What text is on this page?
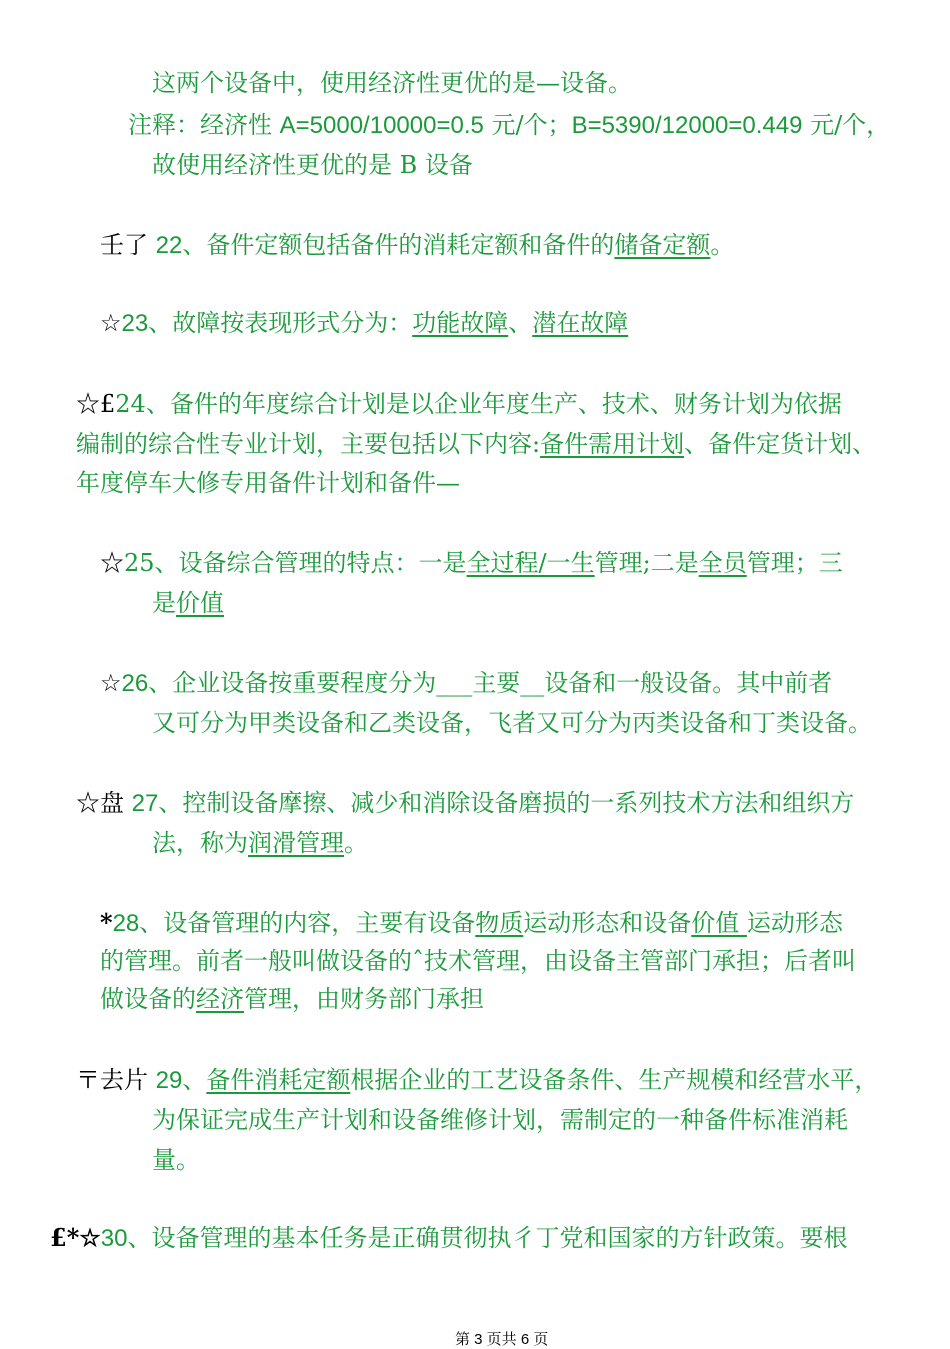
这两个设备中，使用经济性更优的是—设备。
注释：经济性 A=5000/10000=0.5 元/个；B=5390/12000=0.449 元/个，
故使用经济性更优的是 B 设备
壬了 22、备件定额包括备件的消耗定额和备件的储备定额。
☆23、故障按表现形式分为：功能故障、潜在故障
☆£24、备件的年度综合计划是以企业年度生产、技术、财务计划为依据
编制的综合性专业计划，主要包括以下内容:备件需用计划、备件定货计划、
年度停车大修专用备件计划和备件—
☆25、设备综合管理的特点：一是全过程/一生管理;二是全员管理；三
是价值
☆26、企业设备按重要程度分为___主要__设备和一般设备。其中前者
又可分为甲类设备和乙类设备，飞者又可分为丙类设备和丁类设备。
☆盘 27、控制设备摩擦、减少和消除设备磨损的一系列技术方法和组织方
法，称为润滑管理。
*28、设备管理的内容，主要有设备物质运动形态和设备价值 运动形态
的管理。前者一般叫做设备的ˆ技术管理，由设备主管部门承担；后者叫
做设备的经济管理，由财务部门承担
〒去片 29、备件消耗定额根据企业的工艺设备条件、生产规模和经营水平，
为保证完成生产计划和设备维修计划，需制定的一种备件标准消耗
量。
£*☆30、设备管理的基本任务是正确贯彻执彳丁党和国家的方针政策。要根
第 3 页共 6 页
